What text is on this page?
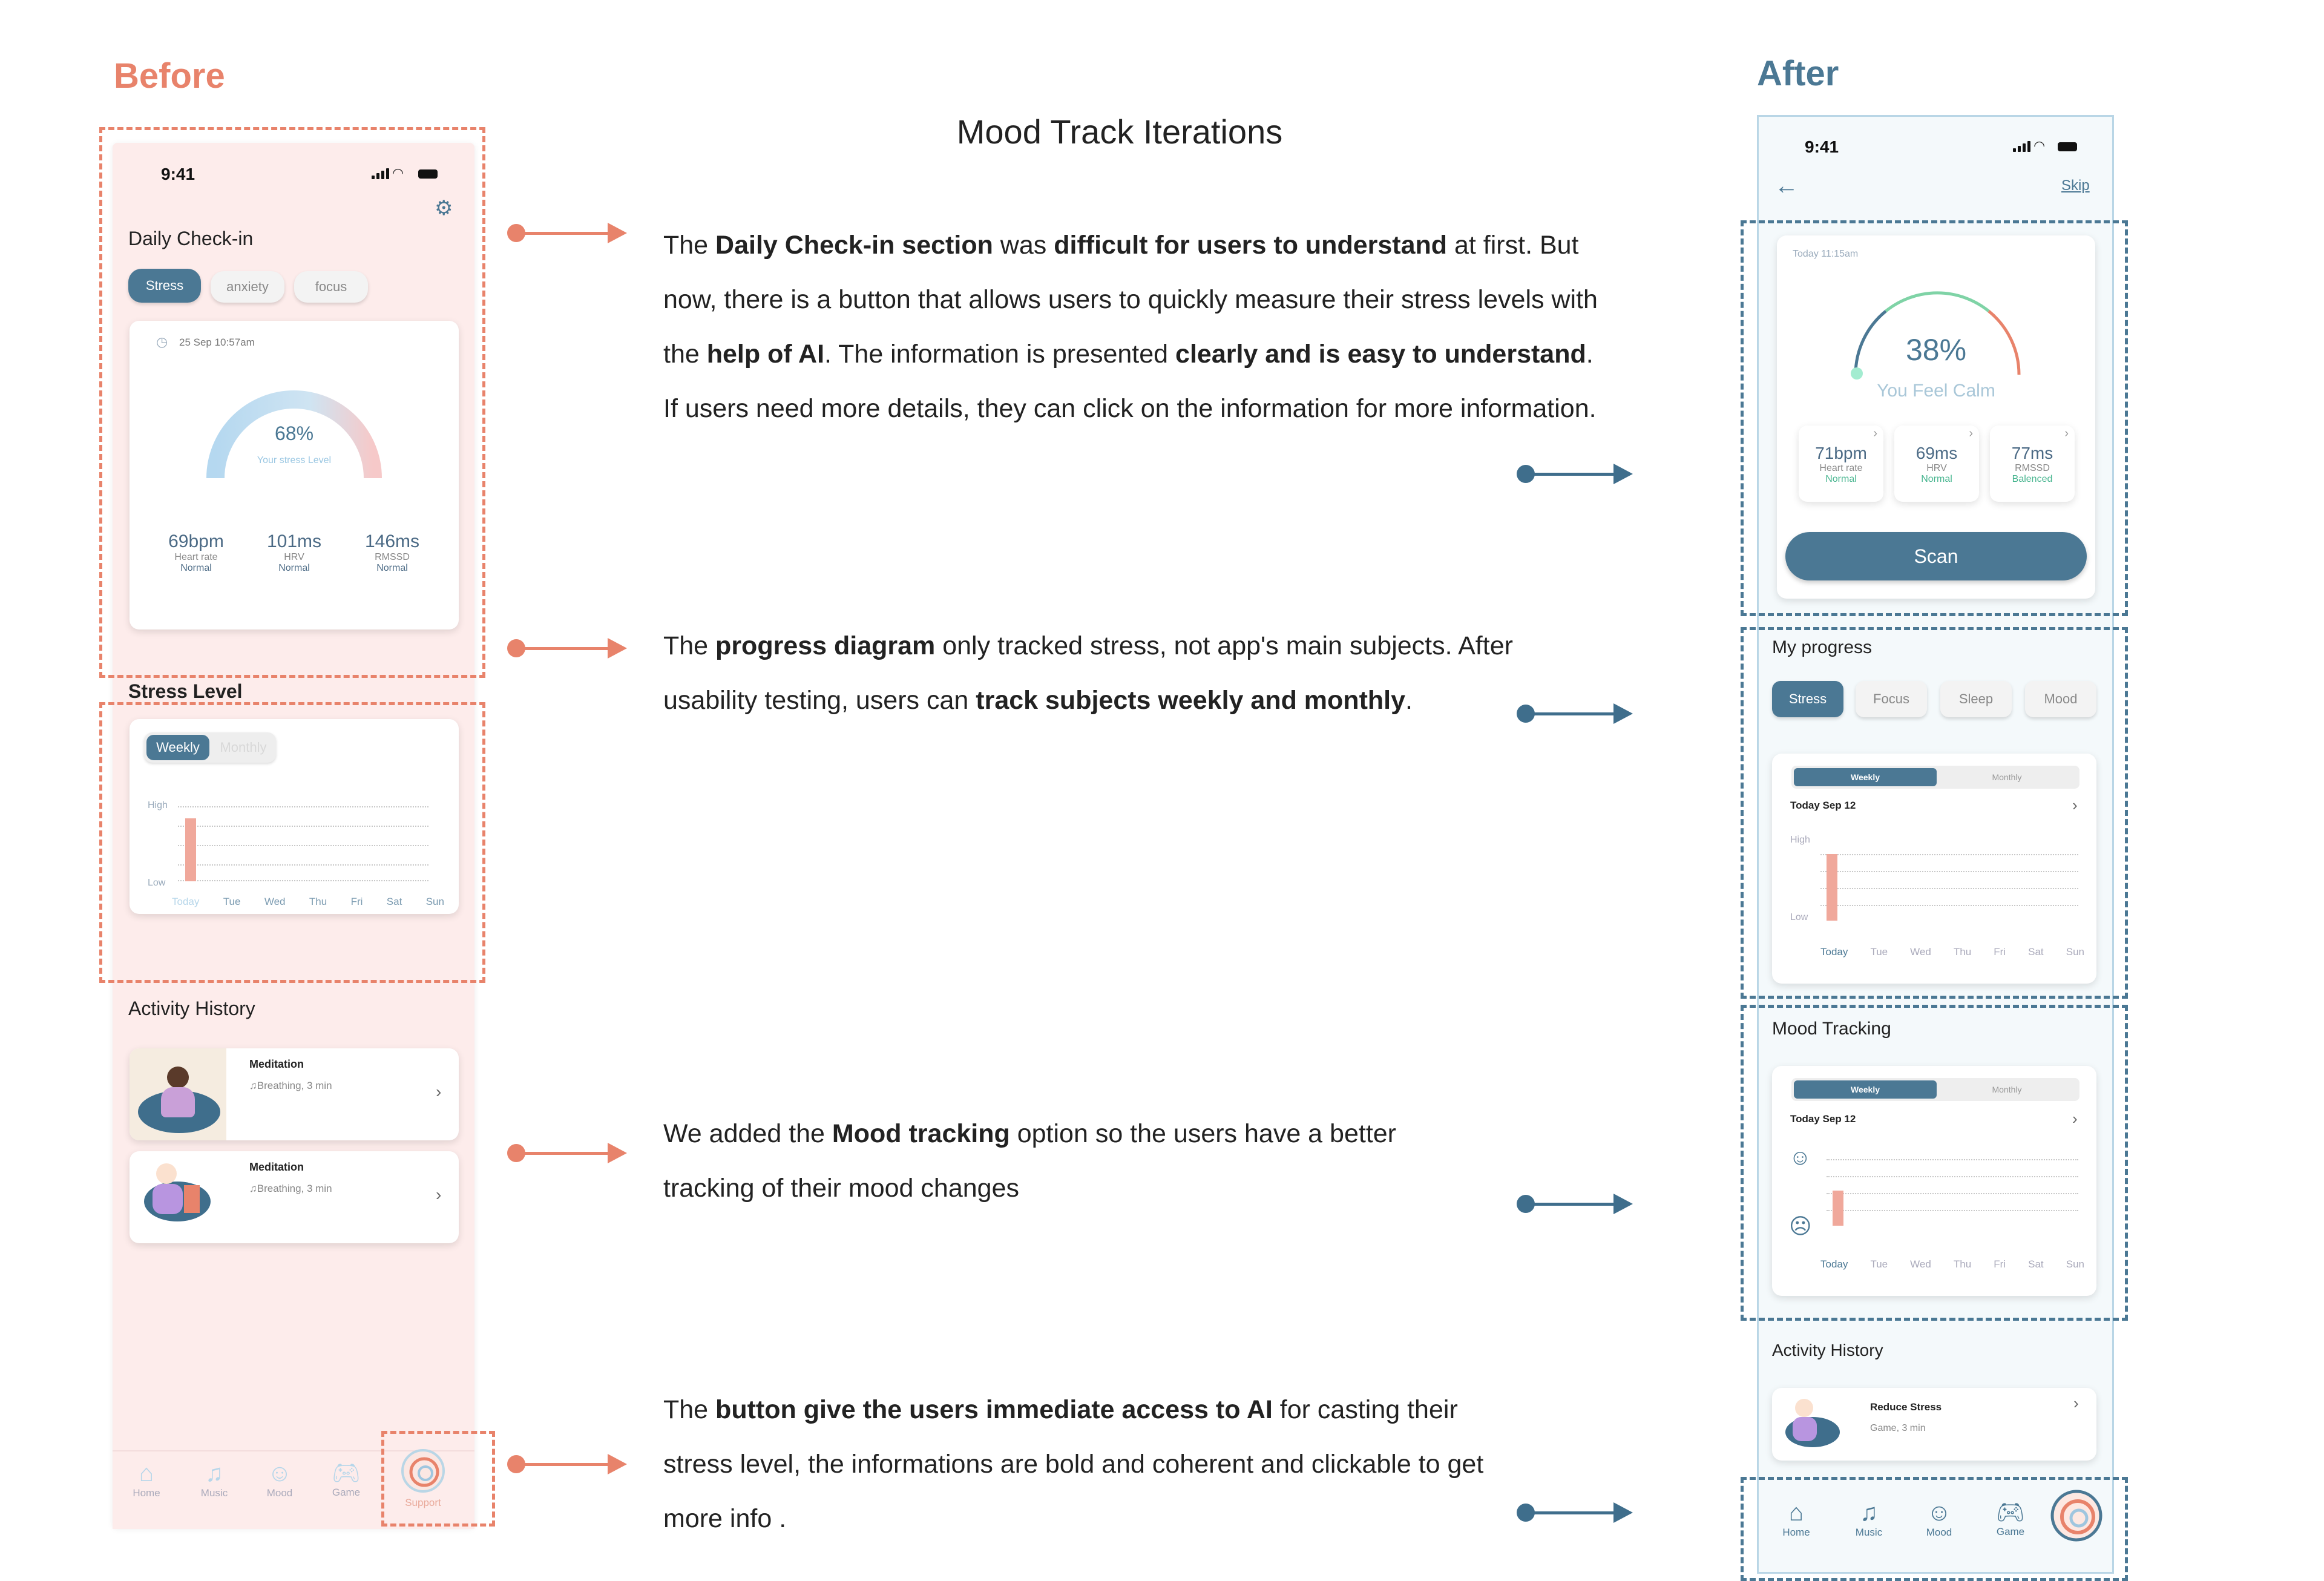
Before	After
Mood Track Iterations
9:41	◠
⚙
Daily Check-in
Stress	anxiety	focus
◷ 25 Sep 10:57am
68%
Your stress Level
69bpm
Heart rate
Normal
101ms
HRV
Normal
146ms
RMSSD
Normal
Stress Level
Weekly	Monthly
High
Low
Today Tue Wed Thu Fri Sat Sun
Activity History
Meditation
♫Breathing, 3 min	›
Meditation
♫Breathing, 3 min	›
⌂
Home
♫
Music
☺
Mood
🎮︎
Game
Support
The Daily Check-in section was difficult for users to understand at first. But now, there is a button that allows users to quickly measure their stress levels with the help of AI. The information is presented clearly and is easy to understand. If users need more details, they can click on the information for more information.
The progress diagram only tracked stress, not app's main subjects. After usability testing, users can track subjects weekly and monthly.
We added the Mood tracking option so the users have a better tracking of their mood changes
The button give the users immediate access to AI for casting their stress level, the informations are bold and coherent and clickable to get more info .
9:41	◠
←	Skip
Today 11:15am
38%
You Feel Calm
›
71bpm
Heart rate
Normal
›
69ms
HRV
Normal
›
77ms
RMSSD
Balenced
Scan
My progress
Stress	Focus	Sleep	Mood
Weekly	Monthly
Today Sep 12	›
High
Low
Today Tue Wed Thu Fri Sat Sun
Mood Tracking
Weekly	Monthly
Today Sep 12	›
☺
☹
Today Tue Wed Thu Fri Sat Sun
Activity History
Reduce Stress
Game, 3 min
›
⌂
Home
♫
Music
☺
Mood
🎮︎
Game
